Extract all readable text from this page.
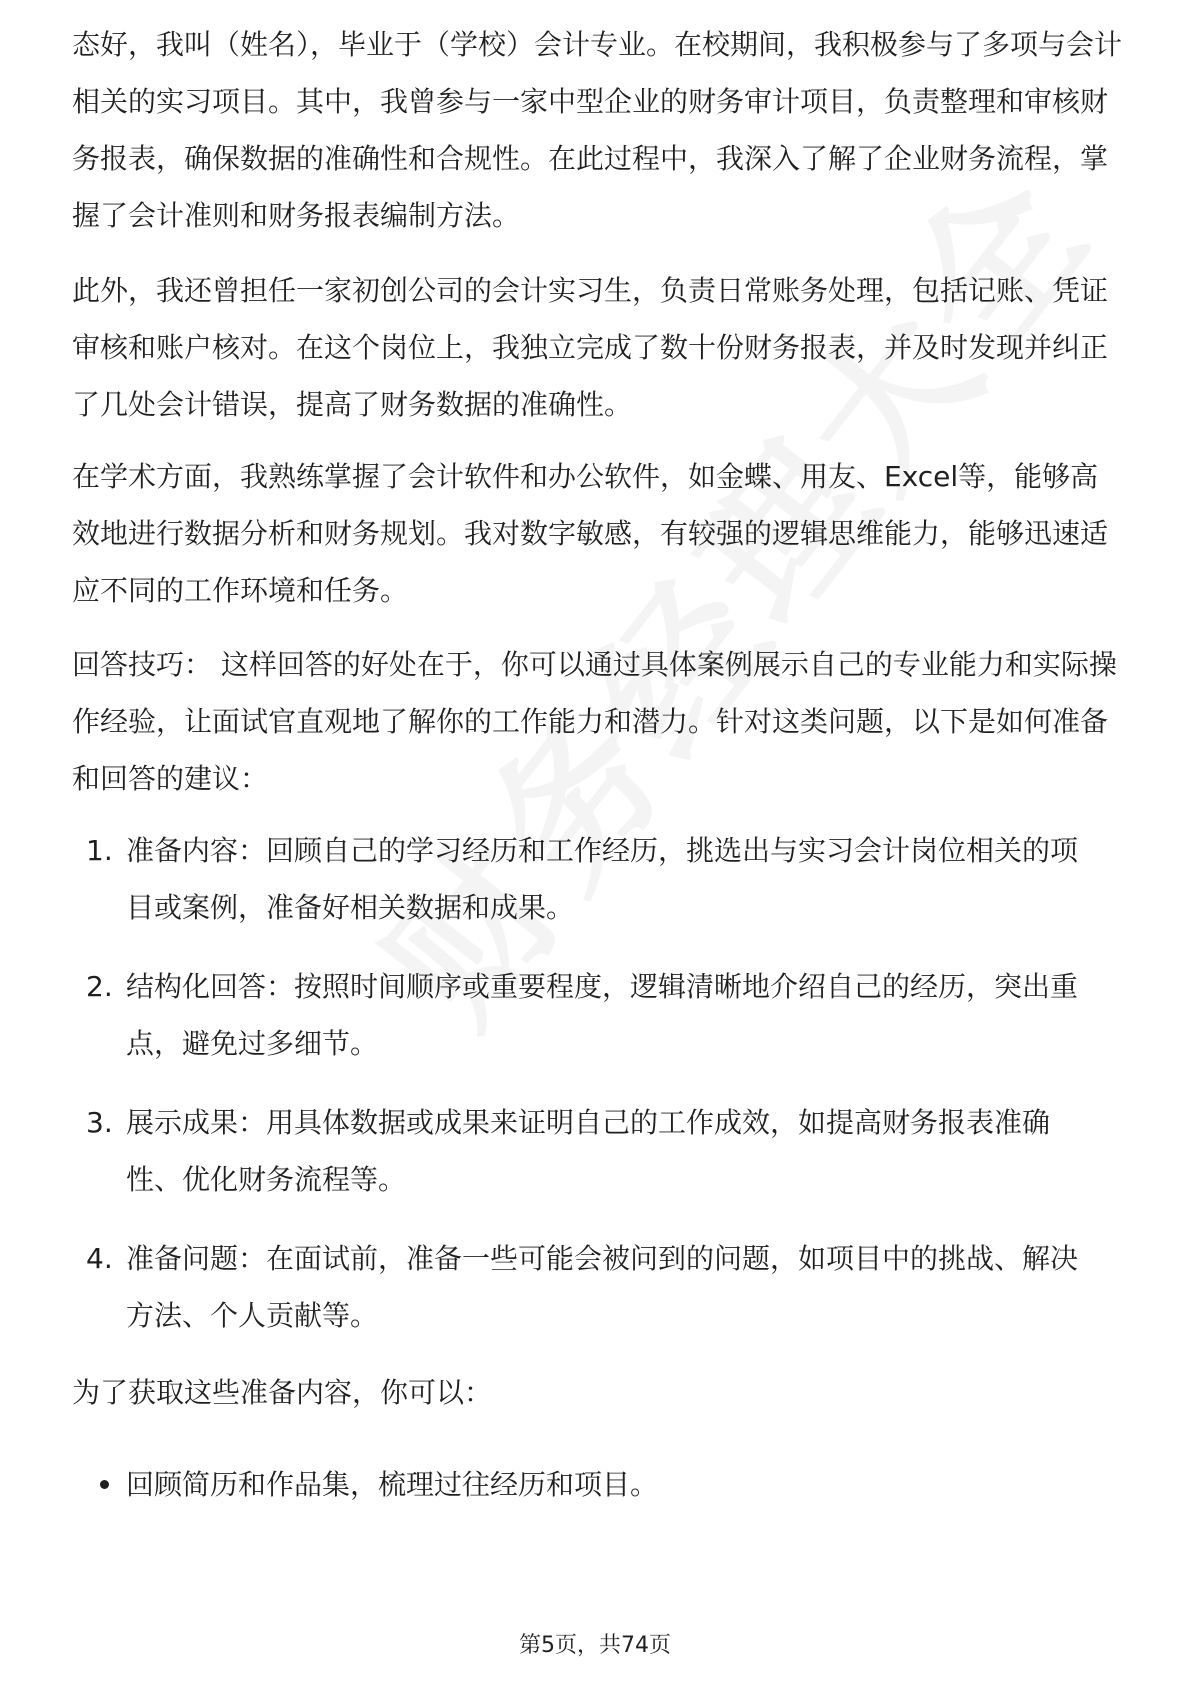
态好，我叫（姓名），毕业于（学校）会计专业。在校期间，我积极参与了多项与会计相关的实习项目。其中，我曾参与一家中型企业的财务审计项目，负责整理和审核财务报表，确保数据的准确性和合规性。在此过程中，我深入了解了企业财务流程，掌握了会计准则和财务报表编制方法。

此外，我还曾担任一家初创公司的会计实习生，负责日常账务处理，包括记账、凭证审核和账户核对。在这个岗位上，我独立完成了数十份财务报表，并及时发现并纠正了几处会计错误，提高了财务数据的准确性。

在学术方面，我熟练掌握了会计软件和办公软件，如金蝶、用友、Excel等，能够高效地进行数据分析和财务规划。我对数字敏感，有较强的逻辑思维能力，能够迅速适应不同的工作环境和任务。

回答技巧： 这样回答的好处在于，你可以通过具体案例展示自己的专业能力和实际操作经验，让面试官直观地了解你的工作能力和潜力。针对这类问题，以下是如何准备和回答的建议：

1. 准备内容：回顾自己的学习经历和工作经历，挑选出与实习会计岗位相关的项目或案例，准备好相关数据和成果。
2. 结构化回答：按照时间顺序或重要程度，逻辑清晰地介绍自己的经历，突出重点，避免过多细节。
3. 展示成果：用具体数据或成果来证明自己的工作成效，如提高财务报表准确性、优化财务流程等。
4. 准备问题：在面试前，准备一些可能会被问到的问题，如项目中的挑战、解决方法、个人贡献等。

为了获取这些准备内容，你可以：

回顾简历和作品集，梳理过往经历和项目。
第5页，共74页
